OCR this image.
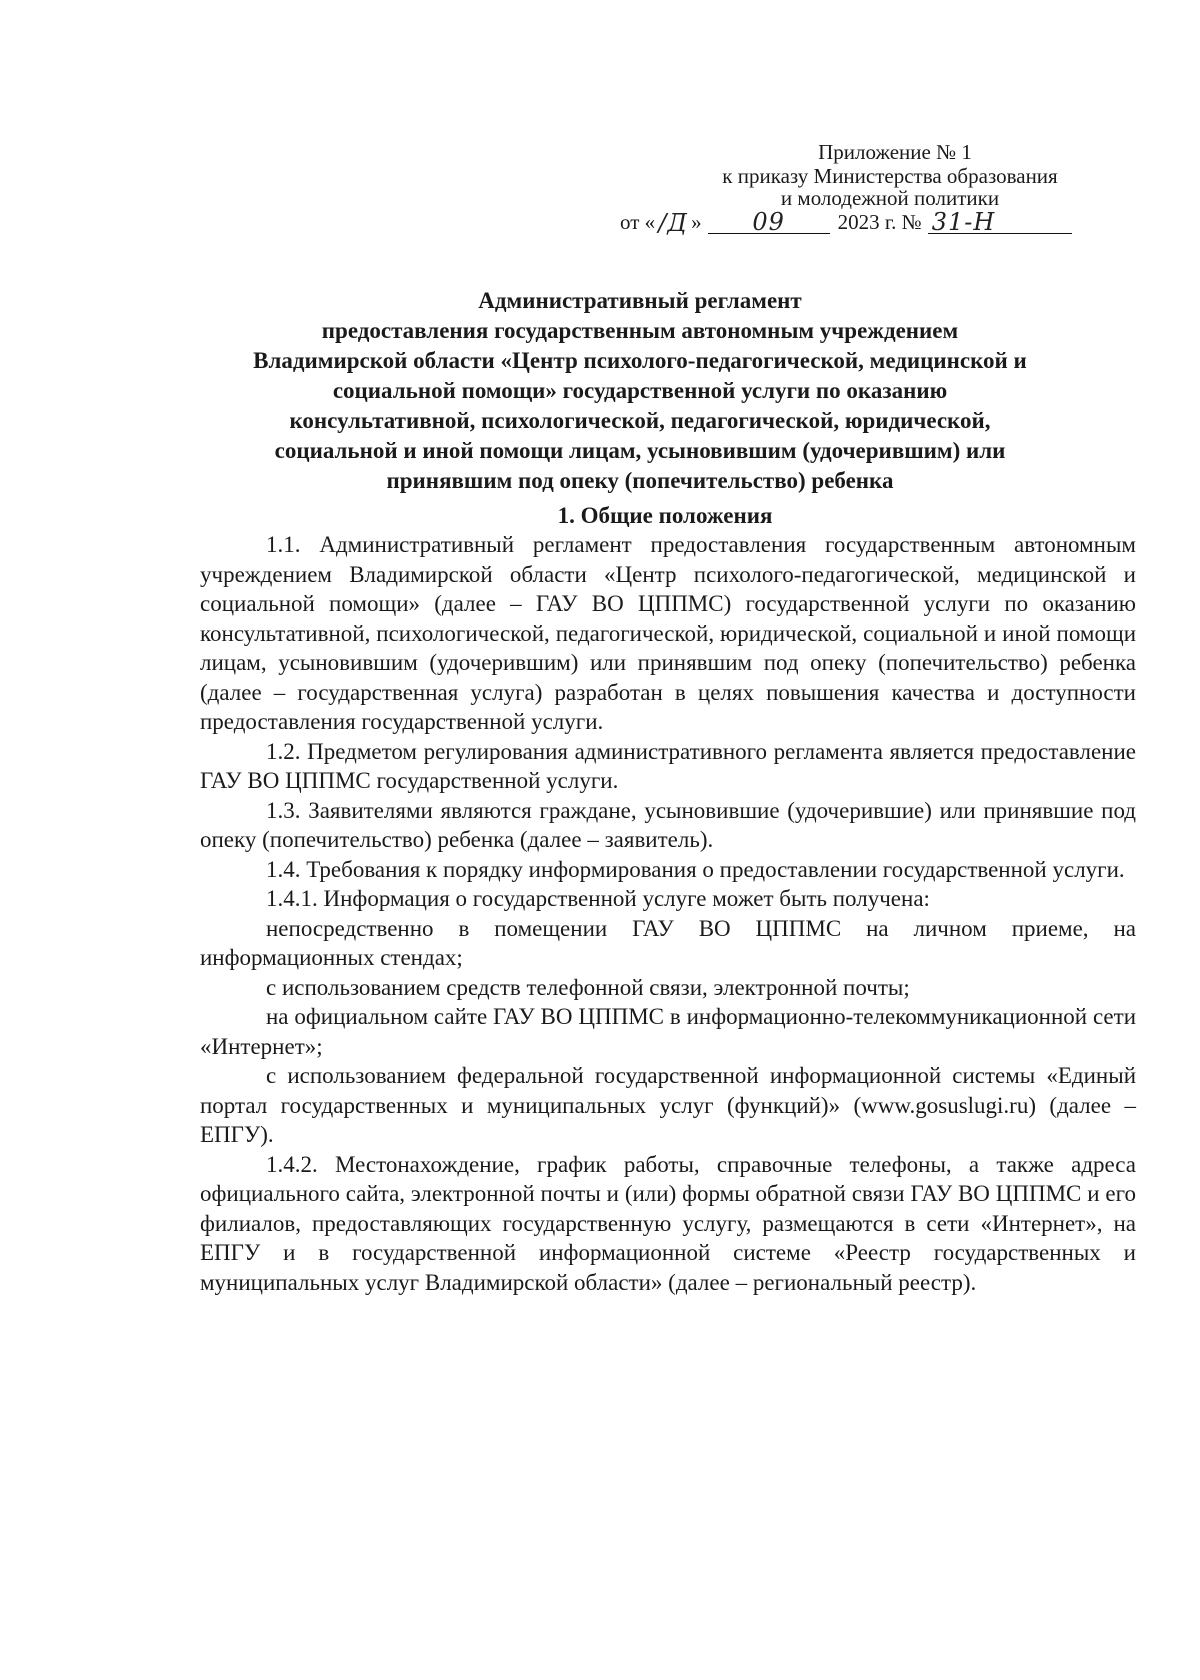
Приложение № 1
к приказу Министерства образования
и молодежной политики
от « /Д »	09	2023 г. № 31-Н
Административный регламент
предоставления государственным автономным учреждением
Владимирской области «Центр психолого-педагогической, медицинской и
социальной помощи» государственной услуги по оказанию
консультативной, психологической, педагогической, юридической,
социальной и иной помощи лицам, усыновившим (удочерившим) или
принявшим под опеку (попечительство) ребенка
1. Общие положения

1.1. Административный регламент предоставления государственным автономным учреждением Владимирской области «Центр психолого-педагогической, медицинской и социальной помощи» (далее – ГАУ ВО ЦППМС) государственной услуги по оказанию консультативной, психологической, педагогической, юридической, социальной и иной помощи лицам, усыновившим (удочерившим) или принявшим под опеку (попечительство) ребенка (далее – государственная услуга) разработан в целях повышения качества и доступности предоставления государственной услуги.

1.2. Предметом регулирования административного регламента является предоставление ГАУ ВО ЦППМС государственной услуги.

1.3. Заявителями являются граждане, усыновившие (удочерившие) или принявшие под опеку (попечительство) ребенка (далее – заявитель).

1.4. Требования к порядку информирования о предоставлении государственной услуги.

1.4.1. Информация о государственной услуге может быть получена:

непосредственно в помещении ГАУ ВО ЦППМС на личном приеме, на информационных стендах;

с использованием средств телефонной связи, электронной почты;

на официальном сайте ГАУ ВО ЦППМС в информационно-телекоммуникационной сети «Интернет»;

с использованием федеральной государственной информационной системы «Единый портал государственных и муниципальных услуг (функций)» (www.gosuslugi.ru) (далее – ЕПГУ).

1.4.2. Местонахождение, график работы, справочные телефоны, а также адреса официального сайта, электронной почты и (или) формы обратной связи ГАУ ВО ЦППМС и его филиалов, предоставляющих государственную услугу, размещаются в сети «Интернет», на ЕПГУ и в государственной информационной системе «Реестр государственных и муниципальных услуг Владимирской области» (далее – региональный реестр).
